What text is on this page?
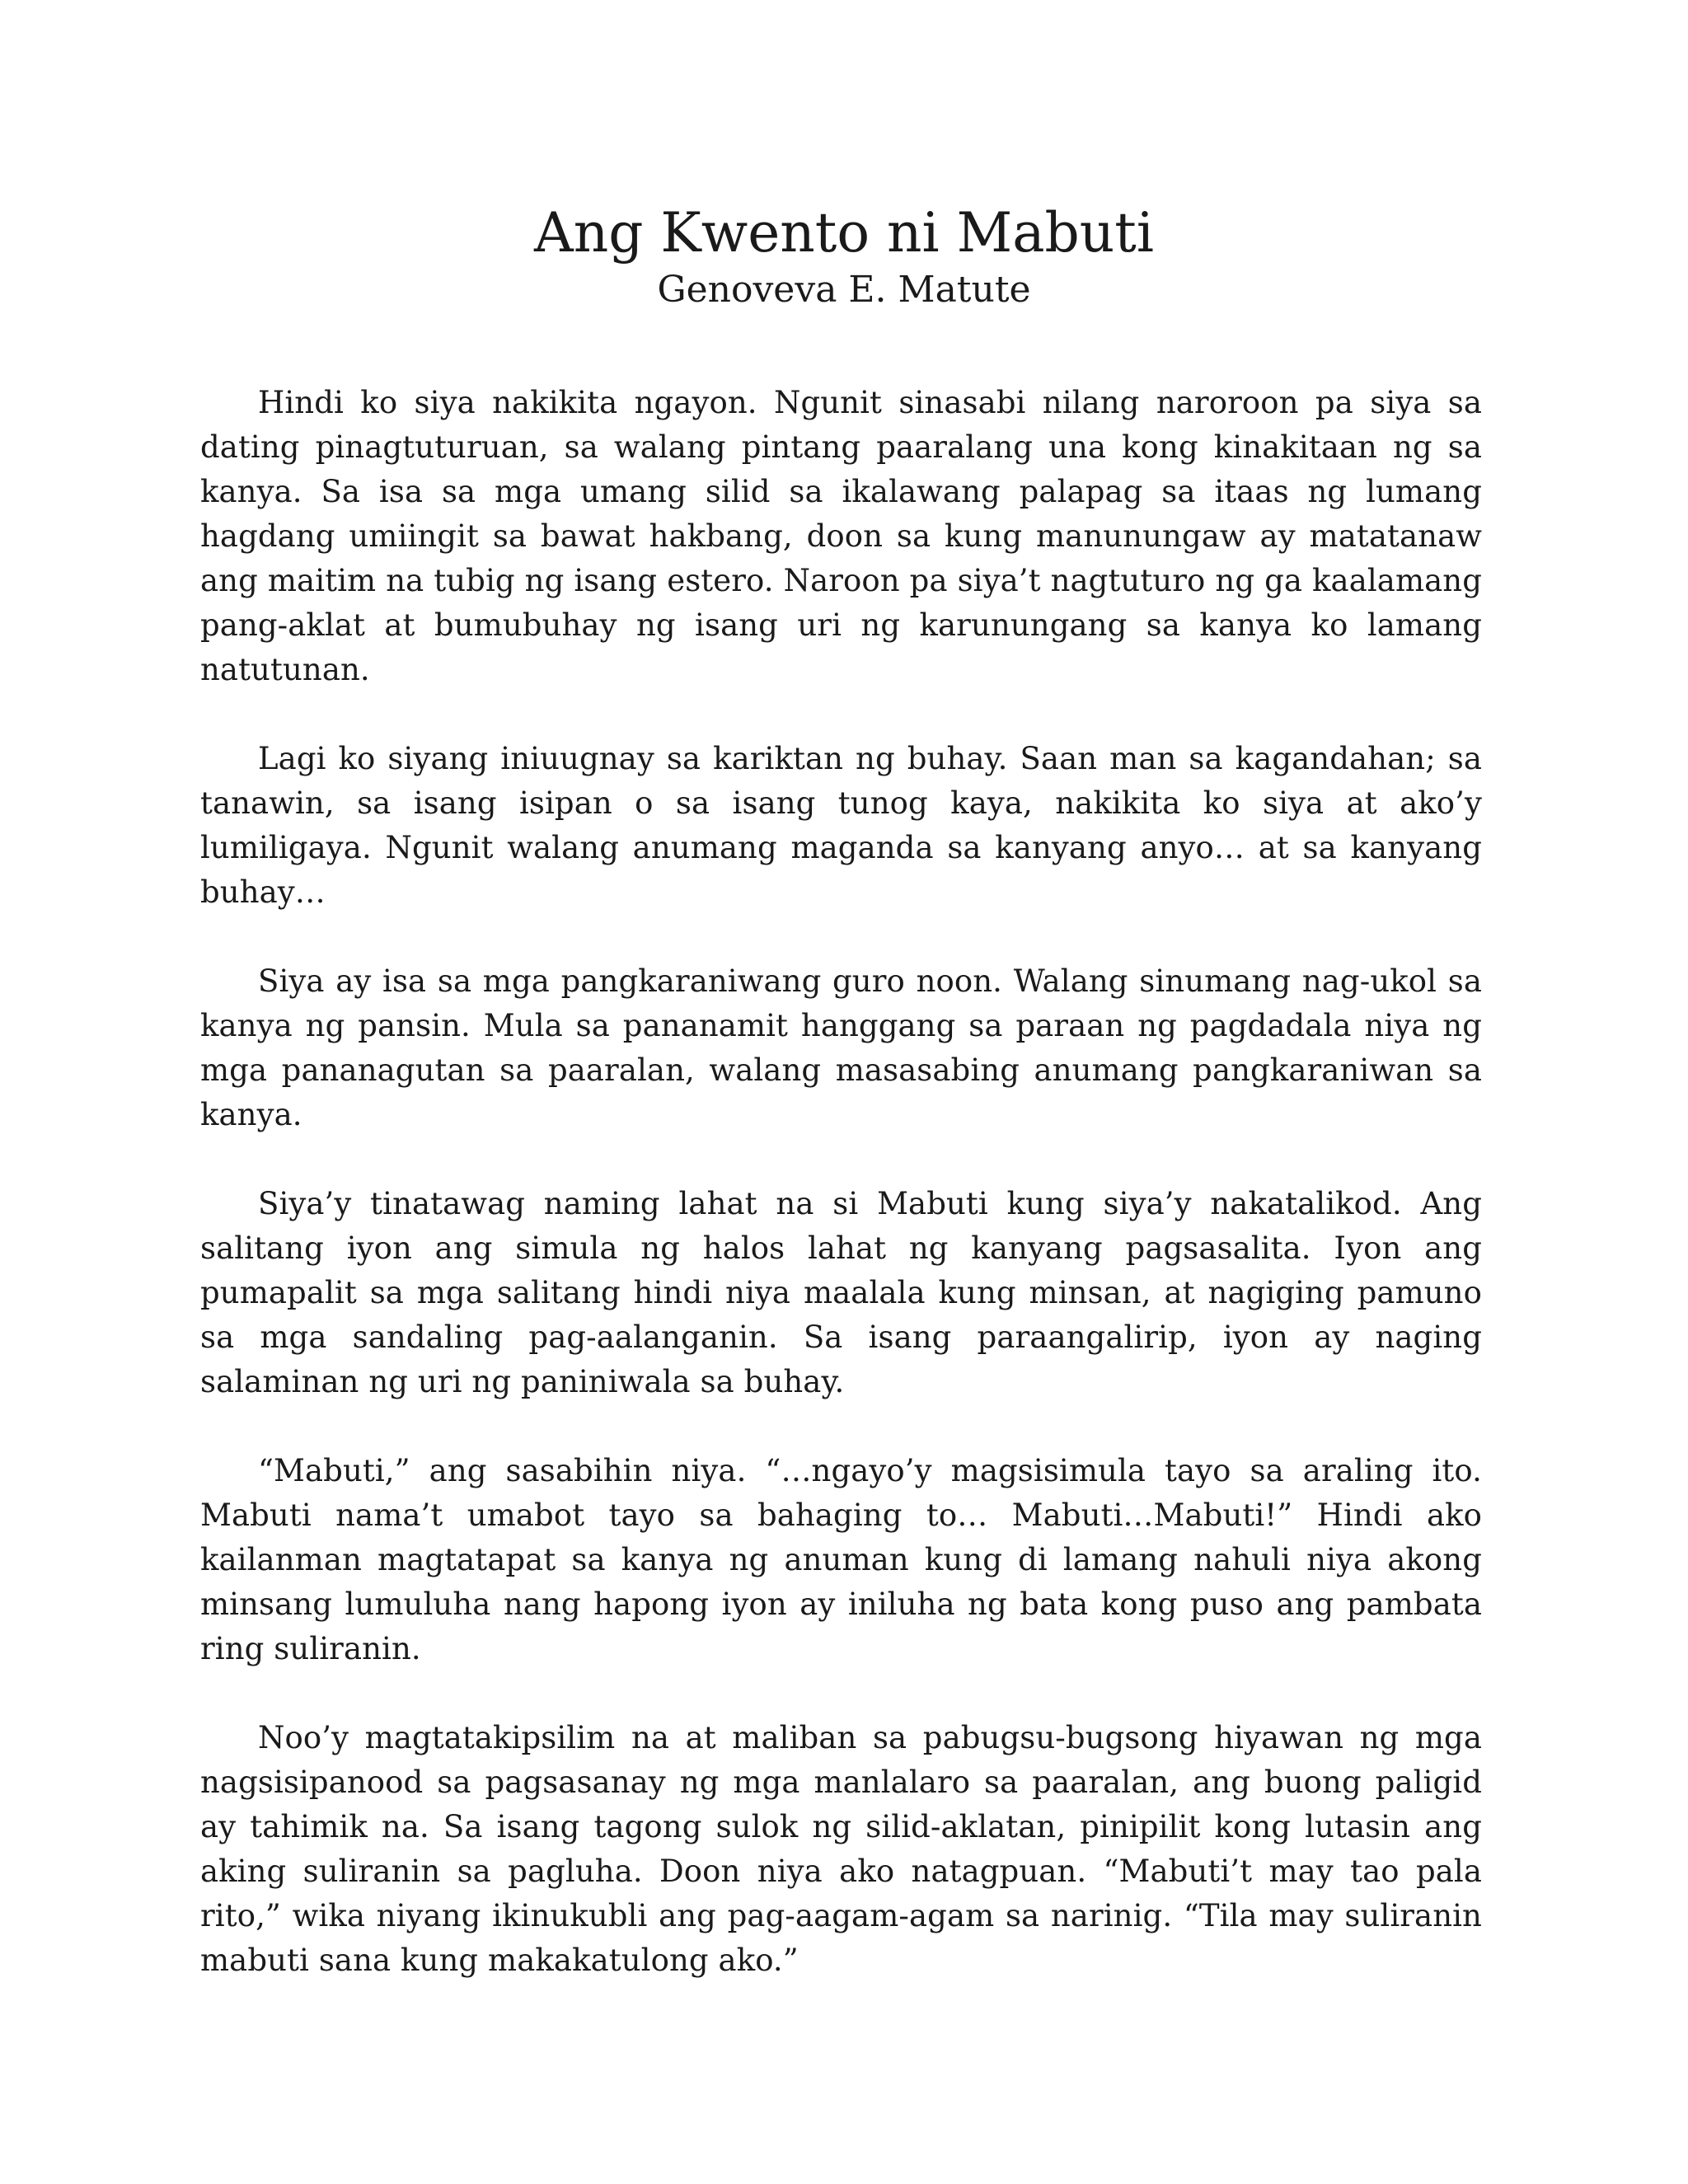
Ang Kwento ni Mabuti
Genoveva E. Matute

Hindi ko siya nakikita ngayon. Ngunit sinasabi nilang naroroon pa siya sa dating pinagtuturuan, sa walang pintang paaralang una kong kinakitaan ng sa kanya. Sa isa sa mga umang silid sa ikalawang palapag sa itaas ng lumang hagdang umiingit sa bawat hakbang, doon sa kung manunungaw ay matatanaw ang maitim na tubig ng isang estero. Naroon pa siya’t nagtuturo ng ga kaalamang pang-aklat at bumubuhay ng isang uri ng karunungang sa kanya ko lamang natutunan.

Lagi ko siyang iniuugnay sa kariktan ng buhay. Saan man sa kagandahan; sa tanawin, sa isang isipan o sa isang tunog kaya, nakikita ko siya at ako’y lumiligaya. Ngunit walang anumang maganda sa kanyang anyo… at sa kanyang buhay…

Siya ay isa sa mga pangkaraniwang guro noon. Walang sinumang nag-ukol sa kanya ng pansin. Mula sa pananamit hanggang sa paraan ng pagdadala niya ng mga pananagutan sa paaralan, walang masasabing anumang pangkaraniwan sa kanya.

Siya’y tinatawag naming lahat na si Mabuti kung siya’y nakatalikod. Ang salitang iyon ang simula ng halos lahat ng kanyang pagsasalita. Iyon ang pumapalit sa mga salitang hindi niya maalala kung minsan, at nagiging pamuno sa mga sandaling pag-aalanganin. Sa isang paraangalirip, iyon ay naging salaminan ng uri ng paniniwala sa buhay.

“Mabuti,” ang sasabihin niya. “…ngayo’y magsisimula tayo sa araling ito. Mabuti nama’t umabot tayo sa bahaging to… Mabuti…Mabuti!” Hindi ako kailanman magtatapat sa kanya ng anuman kung di lamang nahuli niya akong minsang lumuluha nang hapong iyon ay iniluha ng bata kong puso ang pambata ring suliranin.

Noo’y magtatakipsilim na at maliban sa pabugsu-bugsong hiyawan ng mga nagsisipanood sa pagsasanay ng mga manlalaro sa paaralan, ang buong paligid ay tahimik na. Sa isang tagong sulok ng silid-aklatan, pinipilit kong lutasin ang aking suliranin sa pagluha. Doon niya ako natagpuan. “Mabuti’t may tao pala rito,” wika niyang ikinukubli ang pag-aagam-agam sa narinig. “Tila may suliranin mabuti sana kung makakatulong ako.”
